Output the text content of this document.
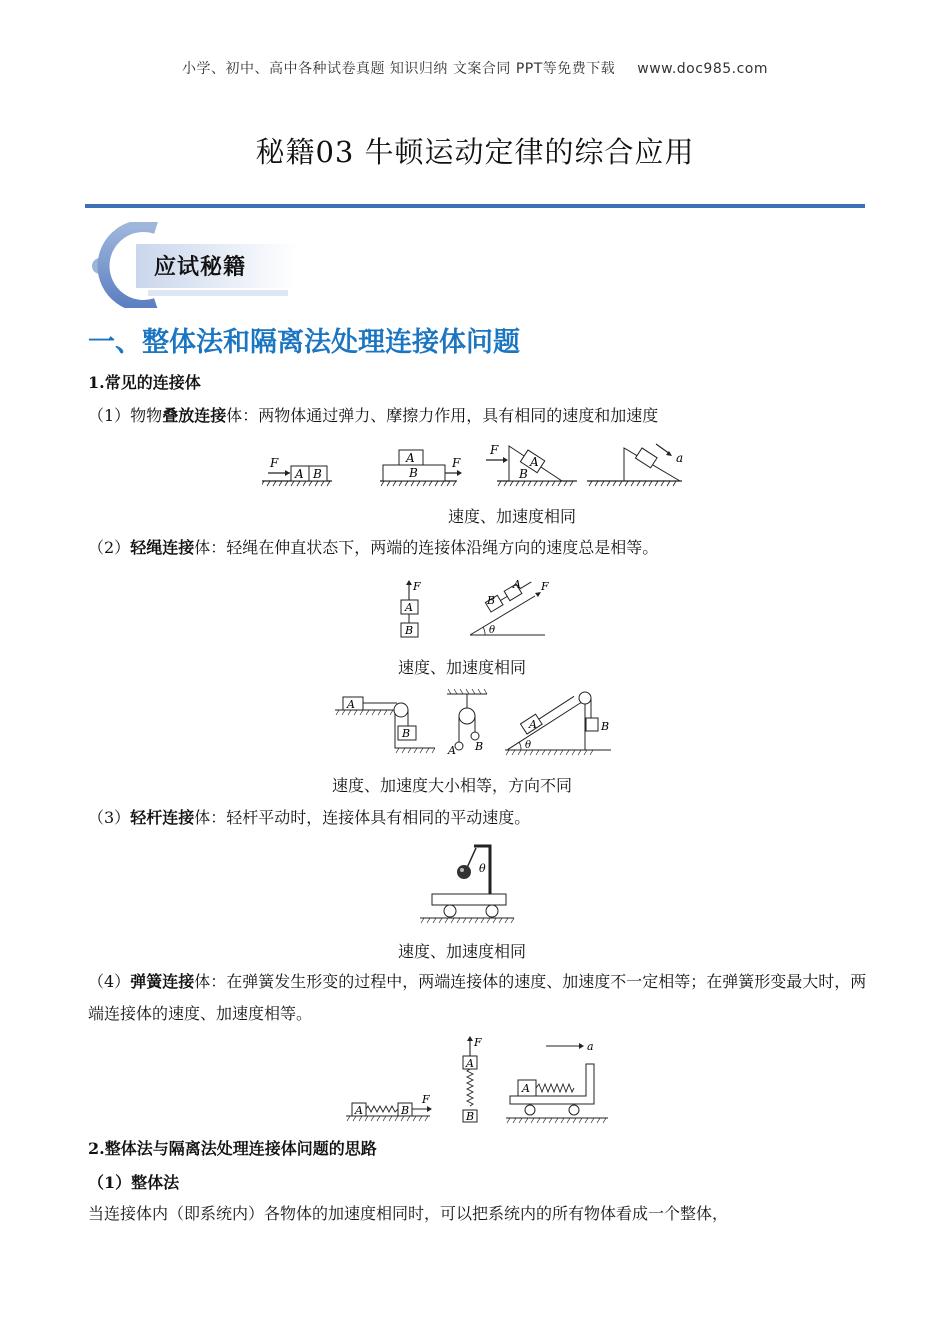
小学、初中、高中各种试卷真题 知识归纳 文案合同 PPT等免费下载 www.doc985.com
秘籍03 牛顿运动定律的综合应用
应试秘籍
一、整体法和隔离法处理连接体问题
1.常见的连接体
（1）物物叠放连接体：两物体通过弹力、摩擦力作用，具有相同的速度和加速度
F
A B
A
B
F
F
A
B
a
速度、加速度相同
（2）轻绳连接体：轻绳在伸直状态下，两端的连接体沿绳方向的速度总是相等。
F
A
B
F
A
B
θ
速度、加速度相同
A
B
A B
A	B
θ
速度、加速度大小相等，方向不同
（3）轻杆连接体：轻杆平动时，连接体具有相同的平动速度。
θ
速度、加速度相同
（4）弹簧连接体：在弹簧发生形变的过程中，两端连接体的速度、加速度不一定相等；在弹簧形变最大时，两端连接体的速度、加速度相等。
A	B
F
F
A
B
A
a
2.整体法与隔离法处理连接体问题的思路
（1）整体法
当连接体内（即系统内）各物体的加速度相同时，可以把系统内的所有物体看成一个整体，
